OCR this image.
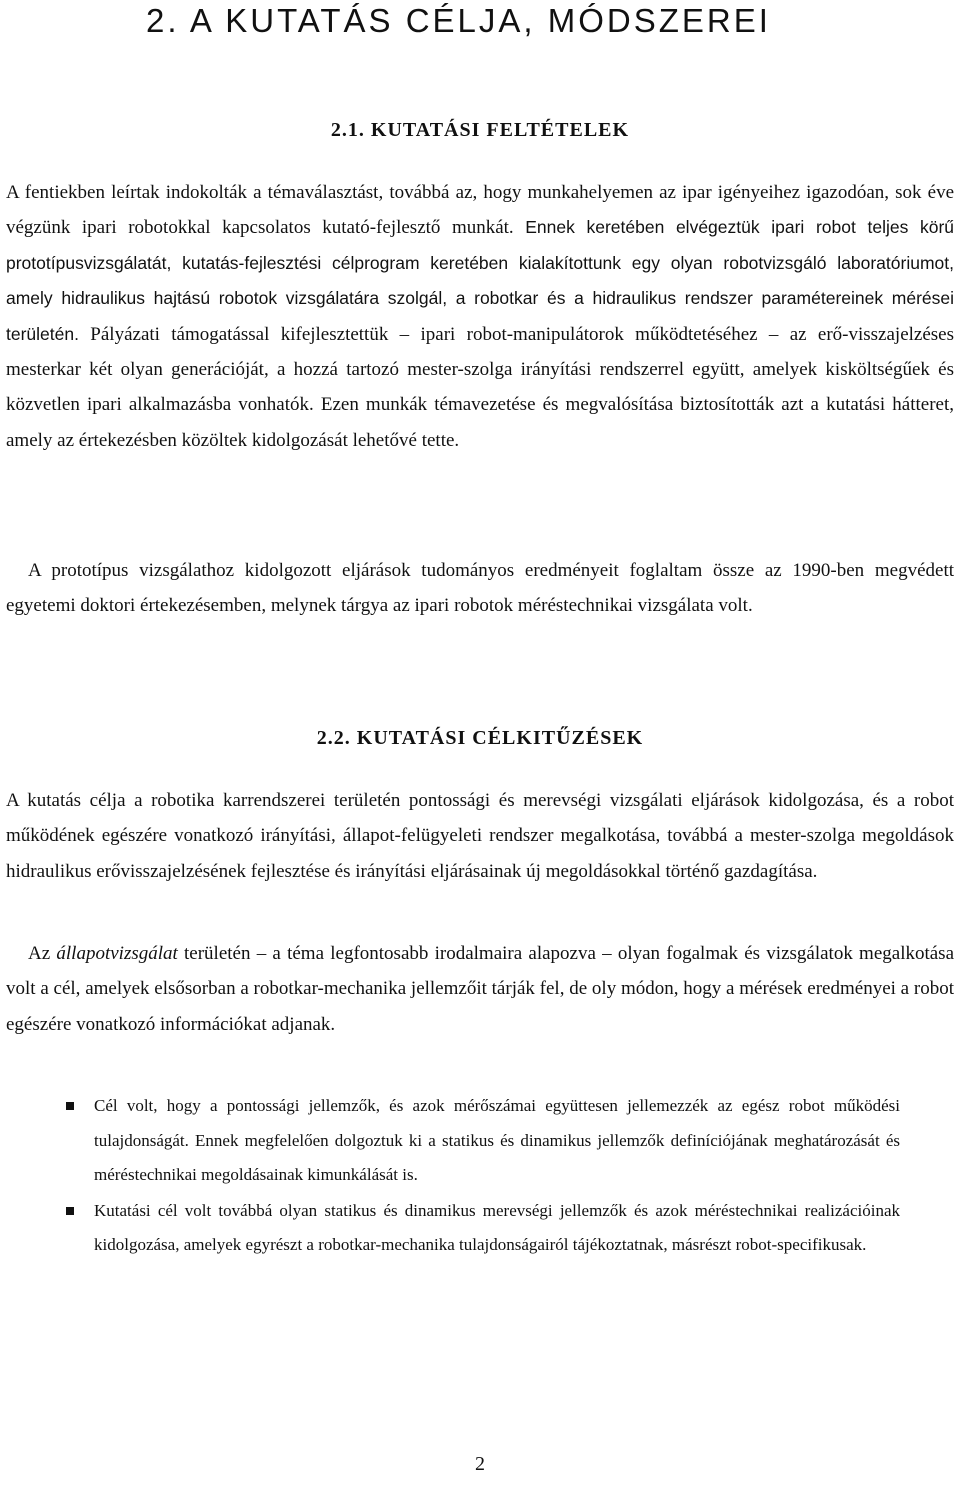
2. A KUTATÁS CÉLJA, MÓDSZEREI
2.1. KUTATÁSI FELTÉTELEK

A fentiekben leírtak indokolták a témaválasztást, továbbá az, hogy munkahelyemen az ipar igényeihez igazodóan, sok éve végzünk ipari robotokkal kapcsolatos kutató-fejlesztő munkát. Ennek keretében elvégeztük ipari robot teljes körű prototípusvizsgálatát, kutatás-fejlesztési célprogram keretében kialakítottunk egy olyan robotvizsgáló laboratóriumot, amely hidraulikus hajtású robotok vizsgálatára szolgál, a robotkar és a hidraulikus rendszer paramétereinek mérései területén. Pályázati támogatással kifejlesztettük – ipari robot-manipulátorok működtetéséhez – az erő-visszajelzéses mesterkar két olyan generációját, a hozzá tartozó mester-szolga irányítási rendszerrel együtt, amelyek kisköltségűek és közvetlen ipari alkalmazásba vonhatók. Ezen munkák témavezetése és megvalósítása biztosították azt a kutatási hátteret, amely az értekezésben közöltek kidolgozását lehetővé tette.

A prototípus vizsgálathoz kidolgozott eljárások tudományos eredményeit foglaltam össze az 1990-ben megvédett egyetemi doktori értekezésemben, melynek tárgya az ipari robotok méréstechnikai vizsgálata volt.

2.2. KUTATÁSI CÉLKITŰZÉSEK

A kutatás célja a robotika karrendszerei területén pontossági és merevségi vizsgálati eljárások kidolgozása, és a robot működének egészére vonatkozó irányítási, állapot-felügyeleti rendszer megalkotása, továbbá a mester-szolga megoldások hidraulikus erővisszajelzésének fejlesztése és irányítási eljárásainak új megoldásokkal történő gazdagítása.

Az állapotvizsgálat területén – a téma legfontosabb irodalmaira alapozva – olyan fogalmak és vizsgálatok megalkotása volt a cél, amelyek elsősorban a robotkar-mechanika jellemzőit tárják fel, de oly módon, hogy a mérések eredményei a robot egészére vonatkozó információkat adjanak.

Cél volt, hogy a pontossági jellemzők, és azok mérőszámai együttesen jellemezzék az egész robot működési tulajdonságát. Ennek megfelelően dolgoztuk ki a statikus és dinamikus jellemzők definíciójának meghatározását és méréstechnikai megoldásainak kimunkálását is.
Kutatási cél volt továbbá olyan statikus és dinamikus merevségi jellemzők és azok méréstechnikai realizációinak kidolgozása, amelyek egyrészt a robotkar-mechanika tulajdonságairól tájékoztatnak, másrészt robot-specifikusak.
2
